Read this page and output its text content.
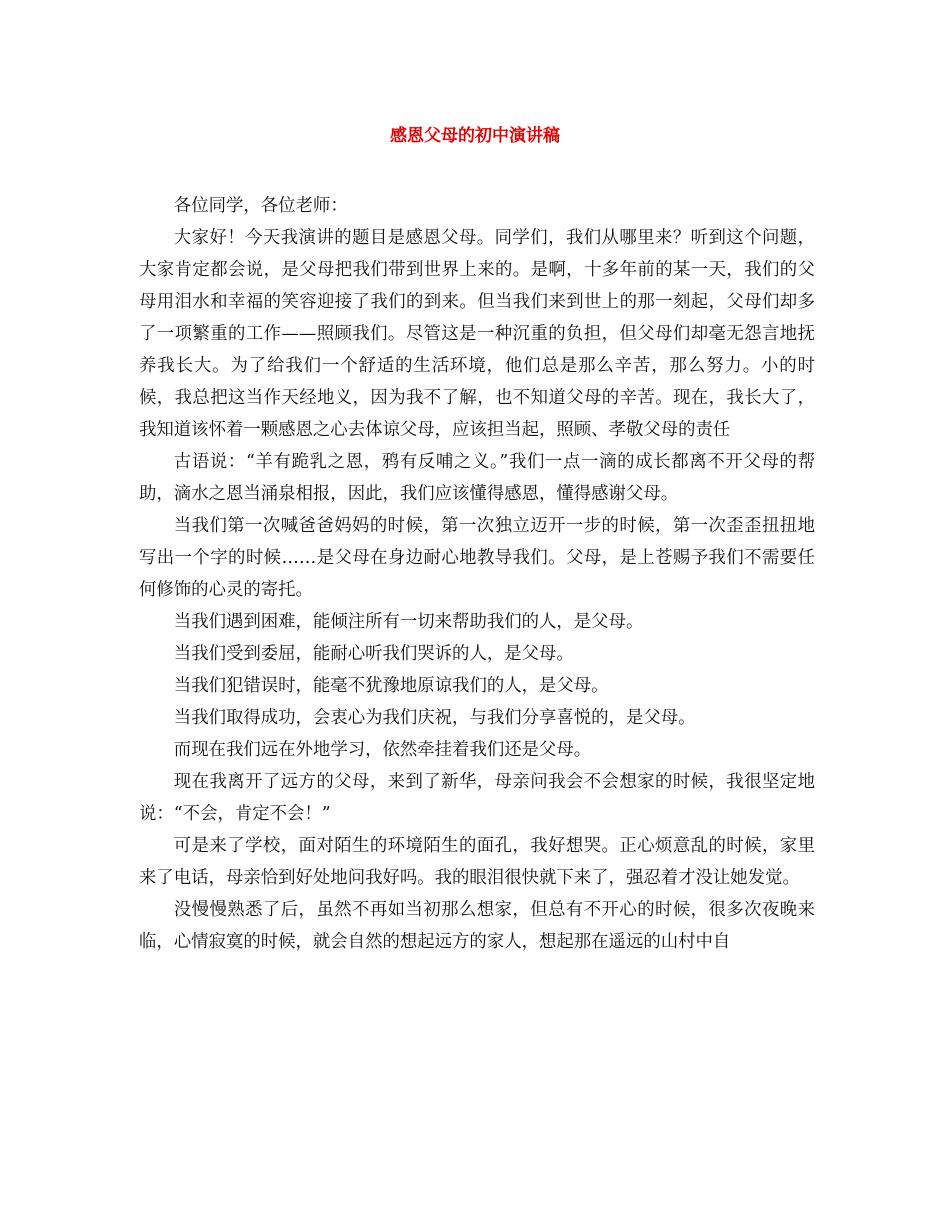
感恩父母的初中演讲稿

各位同学，各位老师：

大家好！今天我演讲的题目是感恩父母。同学们，我们从哪里来？听到这个问题，大家肯定都会说，是父母把我们带到世界上来的。是啊，十多年前的某一天，我们的父母用泪水和幸福的笑容迎接了我们的到来。但当我们来到世上的那一刻起，父母们却多了一项繁重的工作——照顾我们。尽管这是一种沉重的负担，但父母们却毫无怨言地抚养我长大。为了给我们一个舒适的生活环境，他们总是那么辛苦，那么努力。小的时候，我总把这当作天经地义，因为我不了解，也不知道父母的辛苦。现在，我长大了，我知道该怀着一颗感恩之心去体谅父母，应该担当起，照顾、孝敬父母的责任

古语说：“羊有跪乳之恩，鸦有反哺之义。”我们一点一滴的成长都离不开父母的帮助，滴水之恩当涌泉相报，因此，我们应该懂得感恩，懂得感谢父母。

当我们第一次喊爸爸妈妈的时候，第一次独立迈开一步的时候，第一次歪歪扭扭地写出一个字的时候……是父母在身边耐心地教导我们。父母，是上苍赐予我们不需要任何修饰的心灵的寄托。

当我们遇到困难，能倾注所有一切来帮助我们的人，是父母。

当我们受到委屈，能耐心听我们哭诉的人，是父母。

当我们犯错误时，能毫不犹豫地原谅我们的人，是父母。

当我们取得成功，会衷心为我们庆祝，与我们分享喜悦的，是父母。

而现在我们远在外地学习，依然牵挂着我们还是父母。

现在我离开了远方的父母，来到了新华，母亲问我会不会想家的时候，我很坚定地说：“不会，肯定不会！”

可是来了学校，面对陌生的环境陌生的面孔，我好想哭。正心烦意乱的时候，家里来了电话，母亲恰到好处地问我好吗。我的眼泪很快就下来了，强忍着才没让她发觉。

没慢慢熟悉了后，虽然不再如当初那么想家，但总有不开心的时候，很多次夜晚来临，心情寂寞的时候，就会自然的想起远方的家人，想起那在遥远的山村中自
